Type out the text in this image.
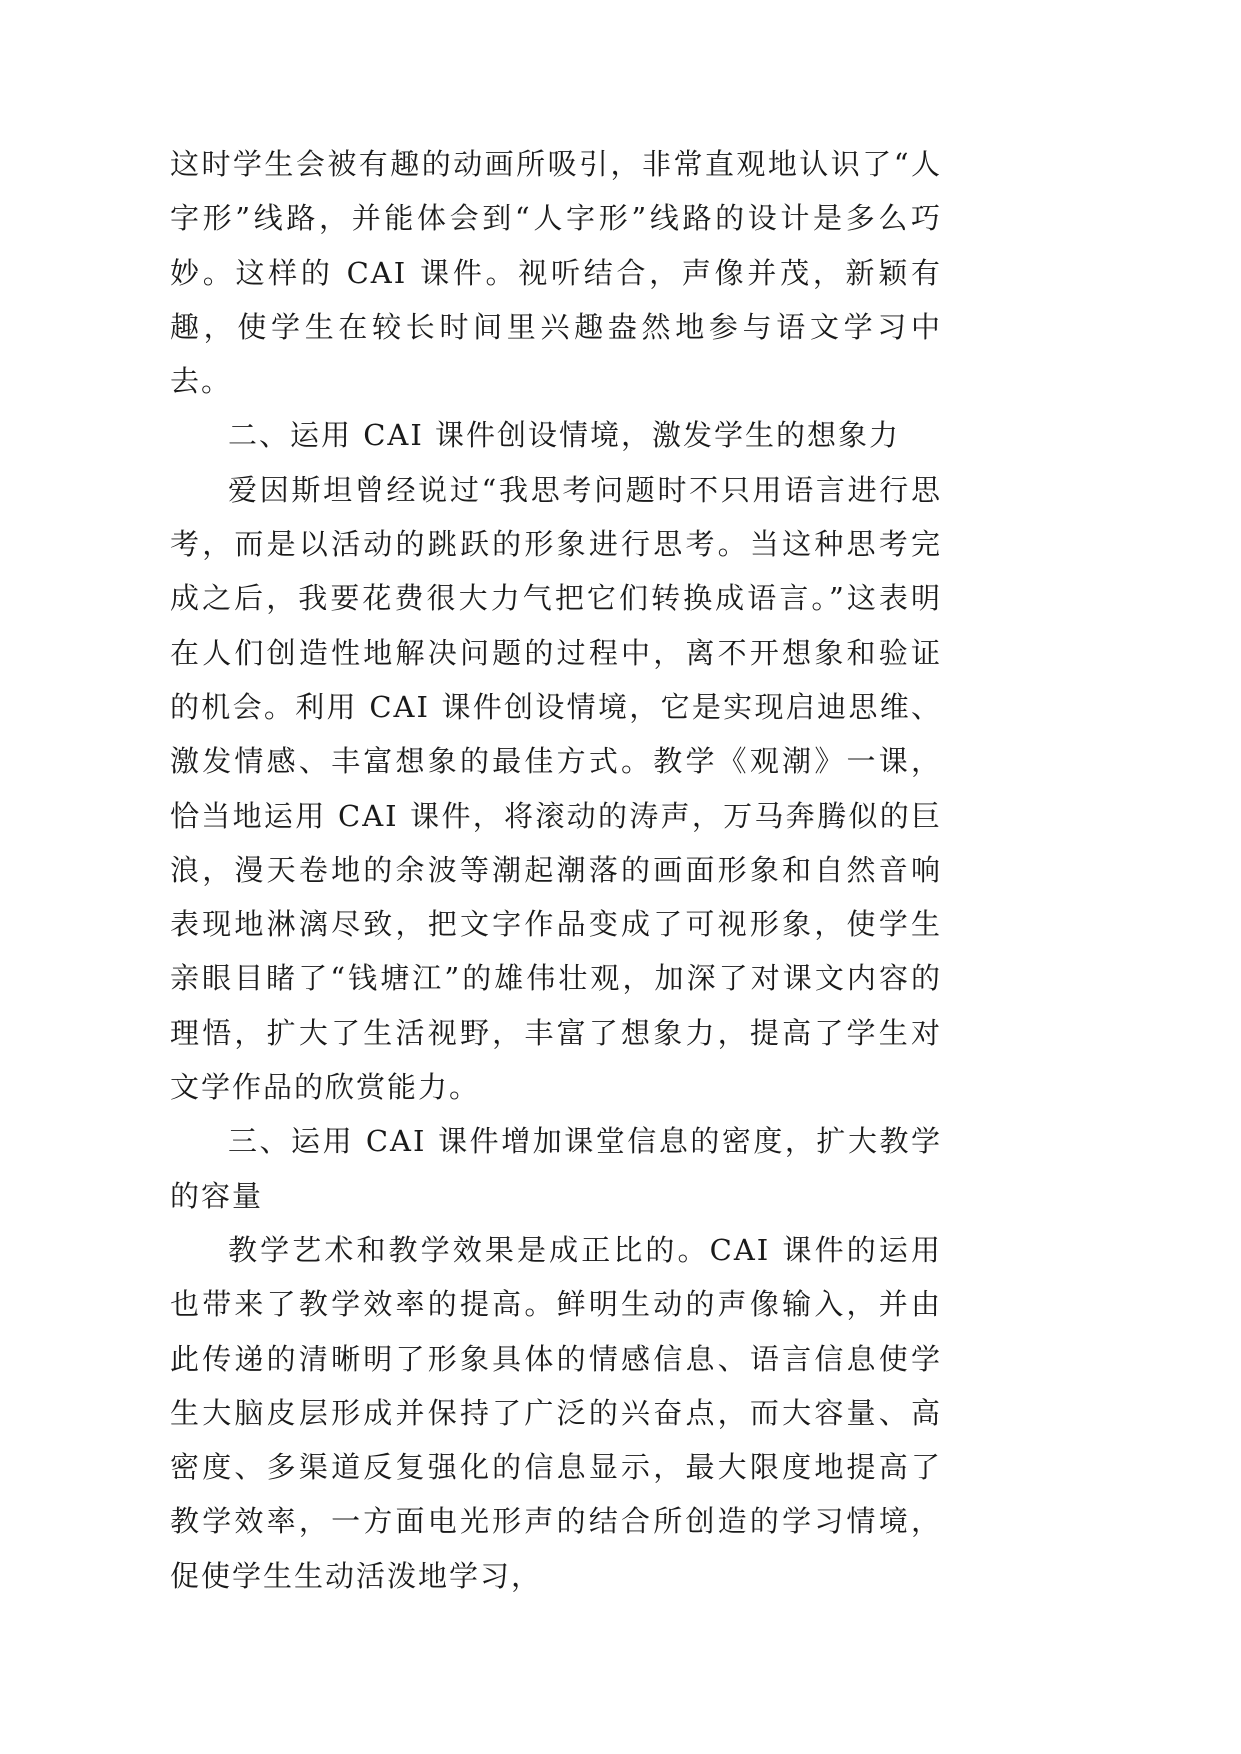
这时学生会被有趣的动画所吸引，非常直观地认识了“人字形”线路，并能体会到“人字形”线路的设计是多么巧妙。这样的 CAI 课件。视听结合，声像并茂，新颖有趣，使学生在较长时间里兴趣盎然地参与语文学习中去。

二、运用 CAI 课件创设情境，激发学生的想象力

爱因斯坦曾经说过“我思考问题时不只用语言进行思考，而是以活动的跳跃的形象进行思考。当这种思考完成之后，我要花费很大力气把它们转换成语言。”这表明在人们创造性地解决问题的过程中，离不开想象和验证的机会。利用 CAI 课件创设情境，它是实现启迪思维、激发情感、丰富想象的最佳方式。教学《观潮》一课，恰当地运用 CAI 课件，将滚动的涛声，万马奔腾似的巨浪，漫天卷地的余波等潮起潮落的画面形象和自然音响表现地淋漓尽致，把文字作品变成了可视形象，使学生亲眼目睹了“钱塘江”的雄伟壮观，加深了对课文内容的理悟，扩大了生活视野，丰富了想象力，提高了学生对文学作品的欣赏能力。

三、运用 CAI 课件增加课堂信息的密度，扩大教学的容量

教学艺术和教学效果是成正比的。CAI 课件的运用也带来了教学效率的提高。鲜明生动的声像输入，并由此传递的清晰明了形象具体的情感信息、语言信息使学生大脑皮层形成并保持了广泛的兴奋点，而大容量、高密度、多渠道反复强化的信息显示，最大限度地提高了教学效率，一方面电光形声的结合所创造的学习情境，促使学生生动活泼地学习，
